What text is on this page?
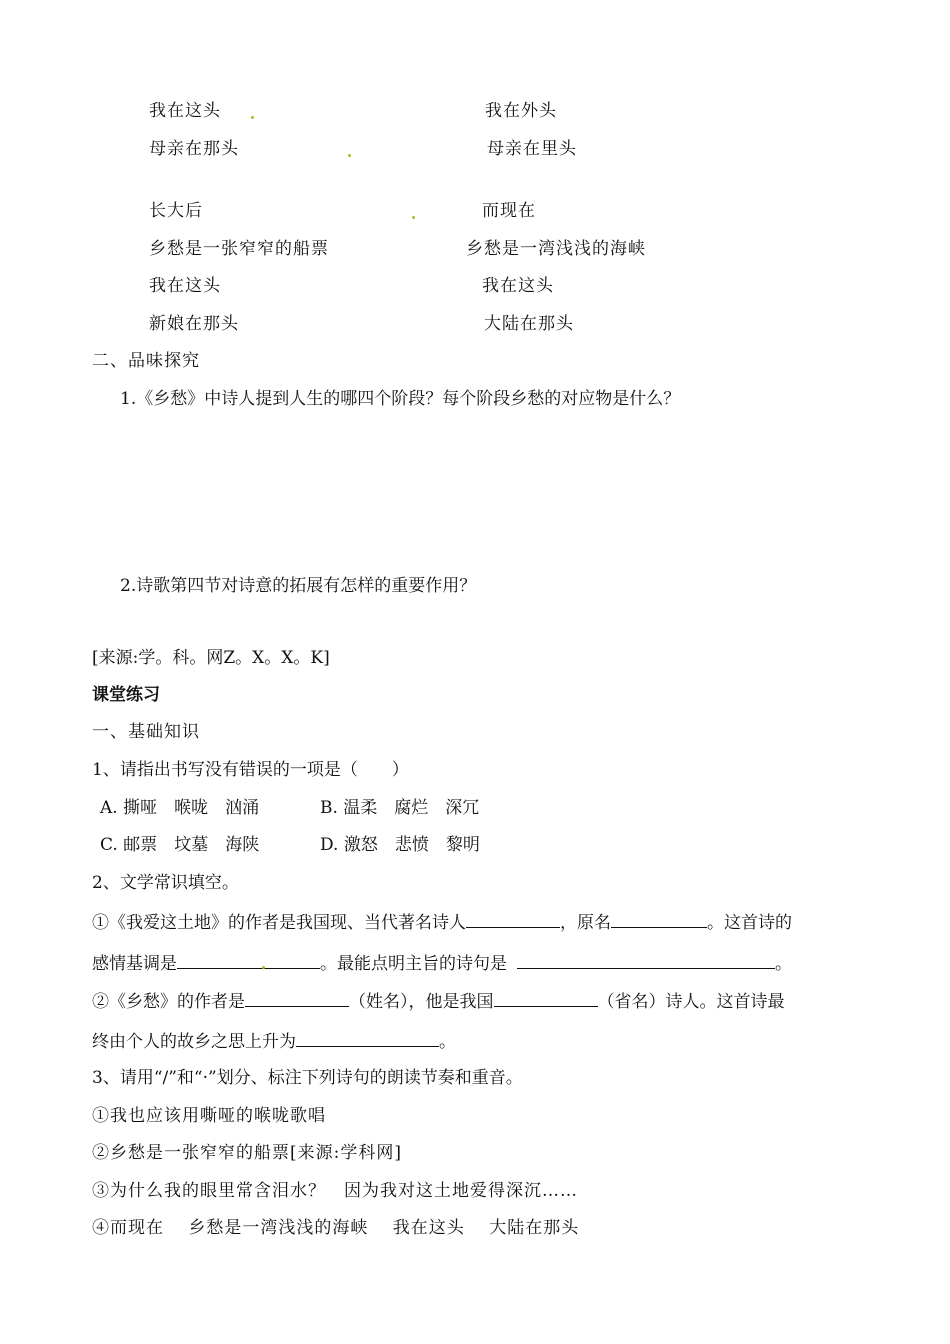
我在这头	我在外头
母亲在那头	母亲在里头
长大后	而现在
乡愁是一张窄窄的船票	乡愁是一湾浅浅的海峡
我在这头	我在这头
新娘在那头	大陆在那头
二、品味探究
1.《乡愁》中诗人提到人生的哪四个阶段？每个阶段乡愁的对应物是什么？
2.诗歌第四节对诗意的拓展有怎样的重要作用？
[来源:学。科。网Z。X。X。K]
课堂练习
一、基础知识
1、请指出书写没有错误的一项是（　　）
A. 撕哑　喉咙　汹涌	B. 温柔　腐烂　深冗
C. 邮票　坟墓　海陕	D. 激怒　悲愤　黎明
2、文学常识填空。
①《我爱这土地》的作者是我国现、当代著名诗人	，原名	。这首诗的
感情基调是	。最能点明主旨的诗句是	。
②《乡愁》的作者是	（姓名），他是我国	（省名）诗人。这首诗最
终由个人的故乡之思上升为	。
3、请用“/”和“·”划分、标注下列诗句的朗读节奏和重音。
①我也应该用嘶哑的喉咙歌唱
②乡愁是一张窄窄的船票[来源:学科网]
③为什么我的眼里常含泪水？　因为我对这土地爱得深沉……
④而现在　 乡愁是一湾浅浅的海峡　 我在这头　 大陆在那头
